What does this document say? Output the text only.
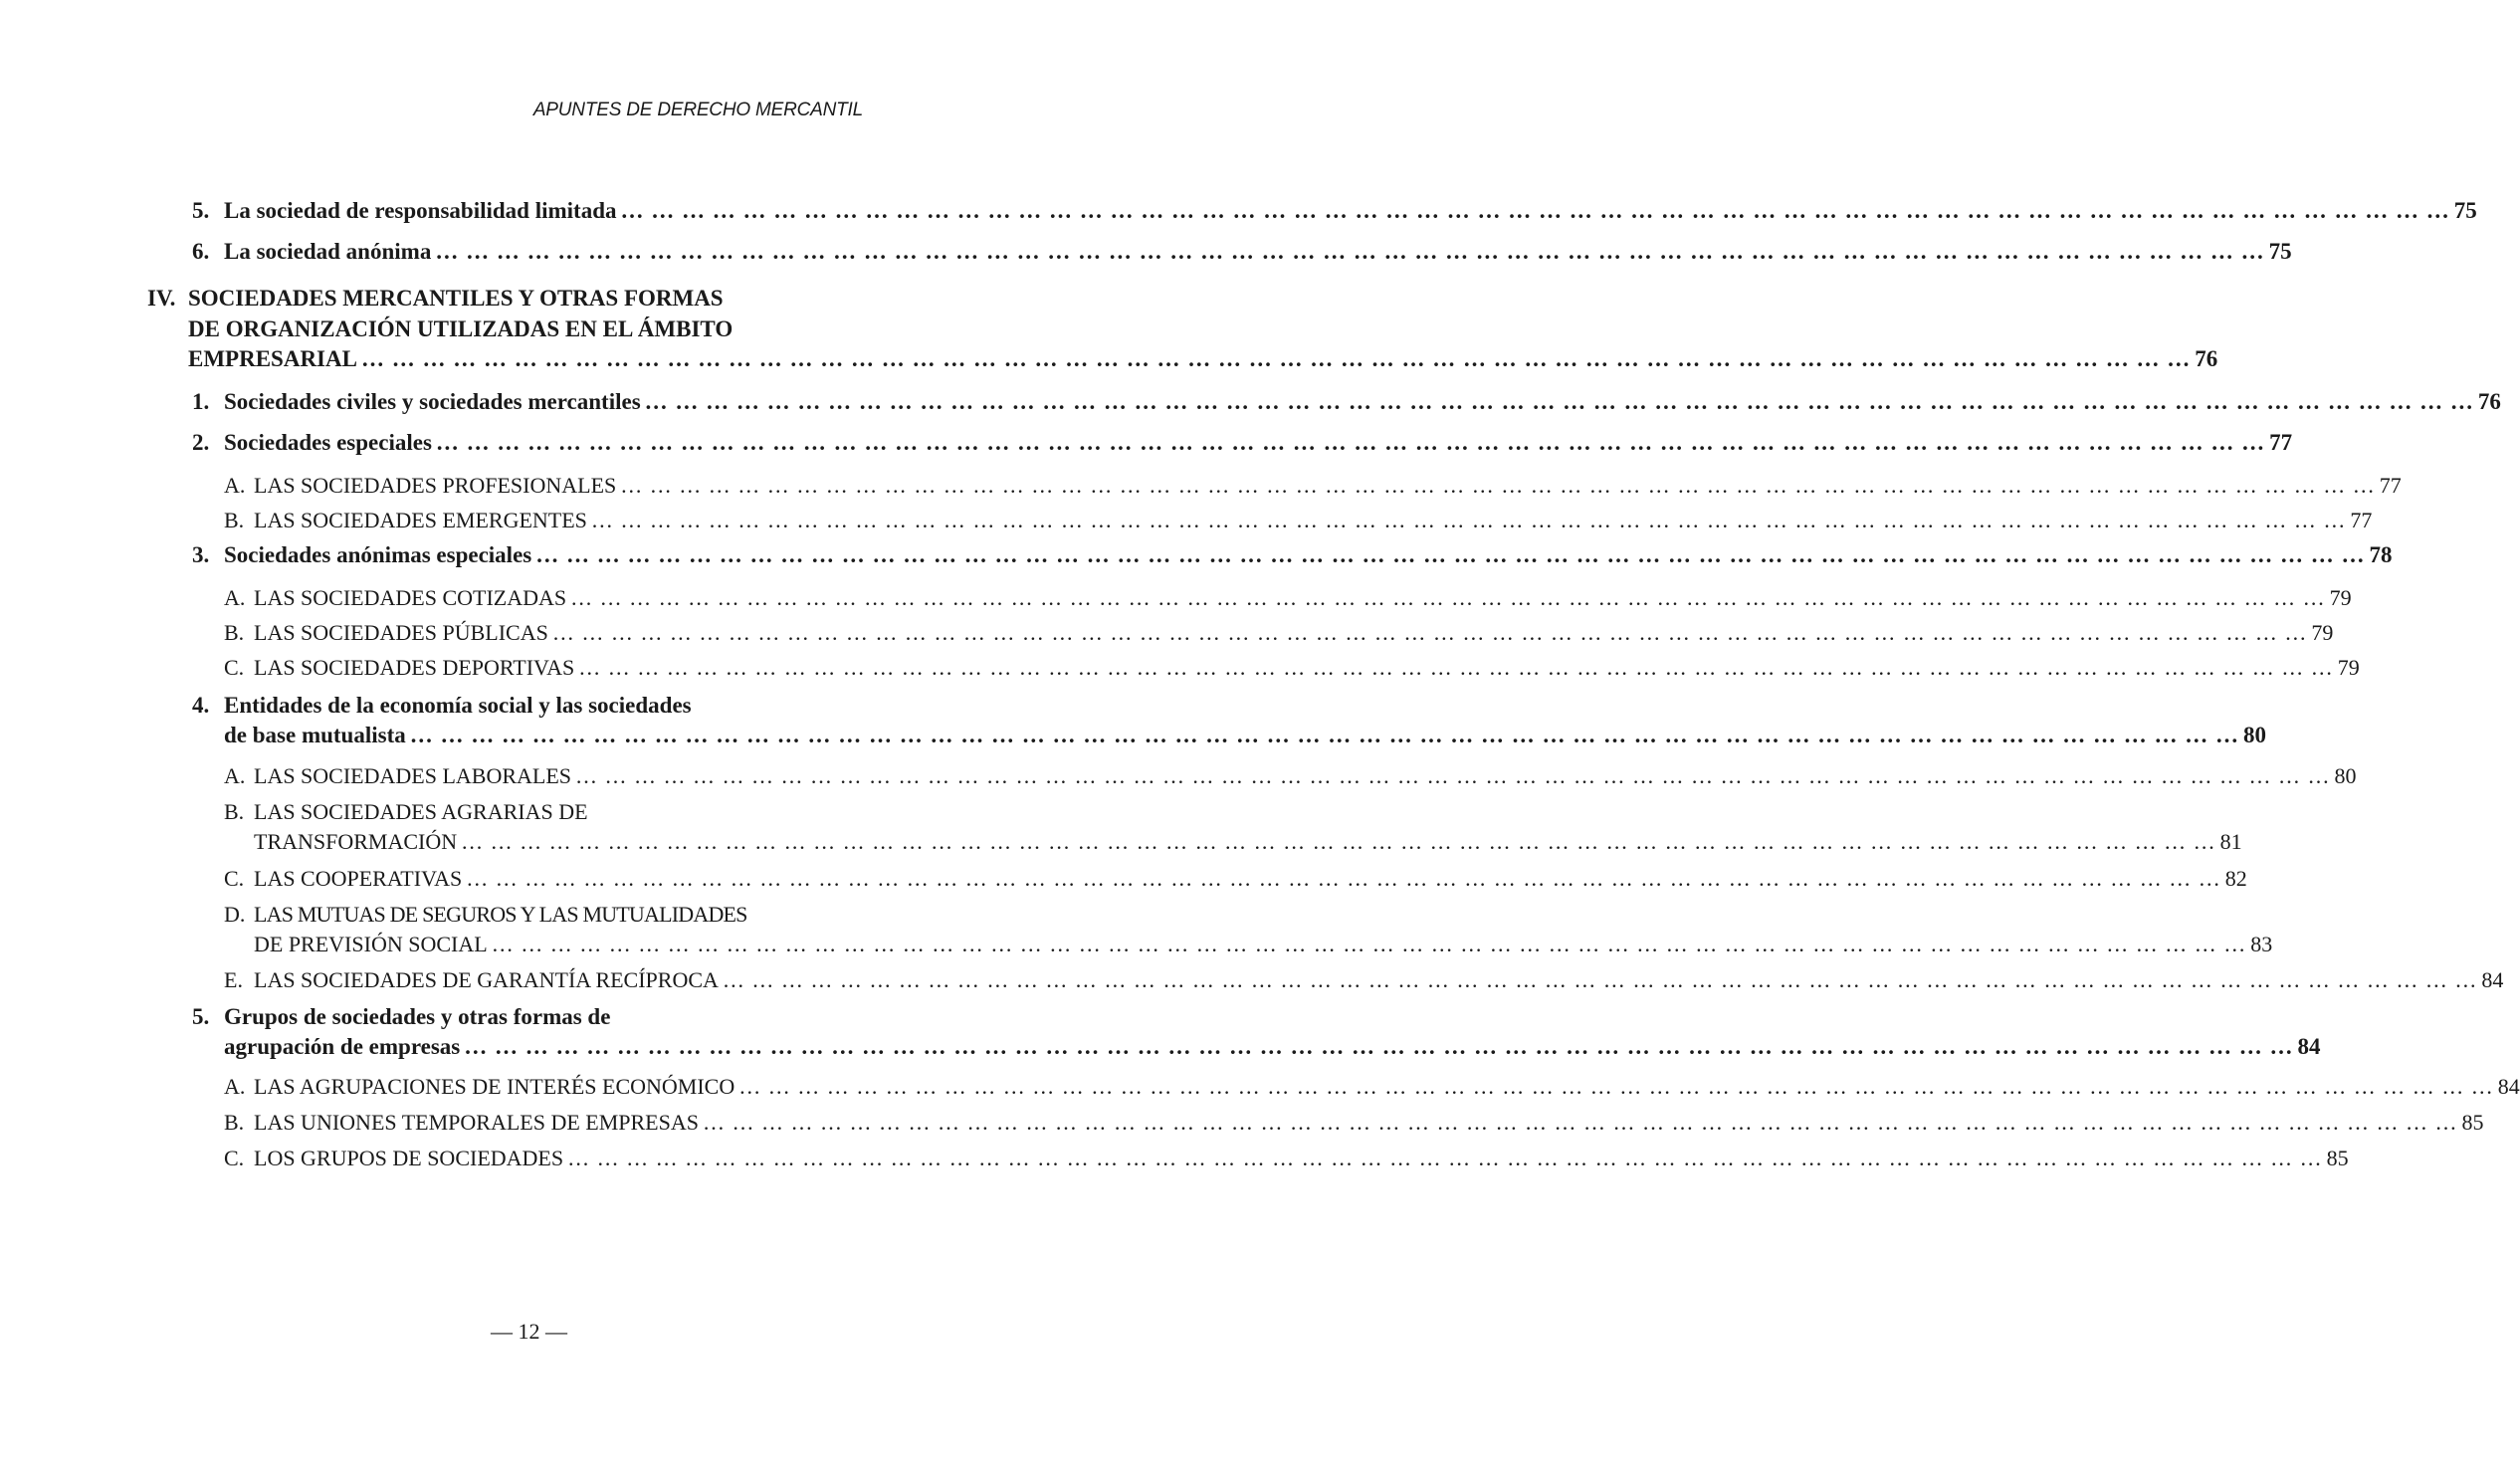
APUNTES DE DERECHO MERCANTIL
5. La sociedad de responsabilidad limitada … … … … … … … … … … … … … … … … … … … … … … … … … … … … … … … … … … … … … … … … … … … … … … … … … … … … … … … … … … … … 75
6. La sociedad anónima … … … … … … … … … … … … … … … … … … … … … … … … … … … … … … … … … … … … … … … … … … … … … … … … … … … … … … … … … … … … 75
IV. SOCIEDADES MERCANTILES Y OTRAS FORMAS
DE ORGANIZACIÓN UTILIZADAS EN EL ÁMBITO
EMPRESARIAL … … … … … … … … … … … … … … … … … … … … … … … … … … … … … … … … … … … … … … … … … … … … … … … … … … … … … … … … … … … … 76
1. Sociedades civiles y sociedades mercantiles … … … … … … … … … … … … … … … … … … … … … … … … … … … … … … … … … … … … … … … … … … … … … … … … … … … … … … … … … … … … 76
2. Sociedades especiales … … … … … … … … … … … … … … … … … … … … … … … … … … … … … … … … … … … … … … … … … … … … … … … … … … … … … … … … … … … … 77
A. LAS SOCIEDADES PROFESIONALES … … … … … … … … … … … … … … … … … … … … … … … … … … … … … … … … … … … … … … … … … … … … … … … … … … … … … … … … … … … … 77
B. LAS SOCIEDADES EMERGENTES … … … … … … … … … … … … … … … … … … … … … … … … … … … … … … … … … … … … … … … … … … … … … … … … … … … … … … … … … … … … 77
3. Sociedades anónimas especiales … … … … … … … … … … … … … … … … … … … … … … … … … … … … … … … … … … … … … … … … … … … … … … … … … … … … … … … … … … … … 78
A. LAS SOCIEDADES COTIZADAS … … … … … … … … … … … … … … … … … … … … … … … … … … … … … … … … … … … … … … … … … … … … … … … … … … … … … … … … … … … … 79
B. LAS SOCIEDADES PÚBLICAS … … … … … … … … … … … … … … … … … … … … … … … … … … … … … … … … … … … … … … … … … … … … … … … … … … … … … … … … … … … … 79
C. LAS SOCIEDADES DEPORTIVAS … … … … … … … … … … … … … … … … … … … … … … … … … … … … … … … … … … … … … … … … … … … … … … … … … … … … … … … … … … … … 79
4. Entidades de la economía social y las sociedades
de base mutualista … … … … … … … … … … … … … … … … … … … … … … … … … … … … … … … … … … … … … … … … … … … … … … … … … … … … … … … … … … … … 80
A. LAS SOCIEDADES LABORALES … … … … … … … … … … … … … … … … … … … … … … … … … … … … … … … … … … … … … … … … … … … … … … … … … … … … … … … … … … … … 80
B. LAS SOCIEDADES AGRARIAS DE
TRANSFORMACIÓN … … … … … … … … … … … … … … … … … … … … … … … … … … … … … … … … … … … … … … … … … … … … … … … … … … … … … … … … … … … … 81
C. LAS COOPERATIVAS … … … … … … … … … … … … … … … … … … … … … … … … … … … … … … … … … … … … … … … … … … … … … … … … … … … … … … … … … … … … 82
D. LAS MUTUAS DE SEGUROS Y LAS MUTUALIDADES
DE PREVISIÓN SOCIAL … … … … … … … … … … … … … … … … … … … … … … … … … … … … … … … … … … … … … … … … … … … … … … … … … … … … … … … … … … … … 83
E. LAS SOCIEDADES DE GARANTÍA RECÍPROCA … … … … … … … … … … … … … … … … … … … … … … … … … … … … … … … … … … … … … … … … … … … … … … … … … … … … … … … … … … … … 84
5. Grupos de sociedades y otras formas de
agrupación de empresas … … … … … … … … … … … … … … … … … … … … … … … … … … … … … … … … … … … … … … … … … … … … … … … … … … … … … … … … … … … … 84
A. LAS AGRUPACIONES DE INTERÉS ECONÓMICO … … … … … … … … … … … … … … … … … … … … … … … … … … … … … … … … … … … … … … … … … … … … … … … … … … … … … … … … … … … … 84
B. LAS UNIONES TEMPORALES DE EMPRESAS … … … … … … … … … … … … … … … … … … … … … … … … … … … … … … … … … … … … … … … … … … … … … … … … … … … … … … … … … … … … 85
C. LOS GRUPOS DE SOCIEDADES … … … … … … … … … … … … … … … … … … … … … … … … … … … … … … … … … … … … … … … … … … … … … … … … … … … … … … … … … … … … 85
— 12 —
